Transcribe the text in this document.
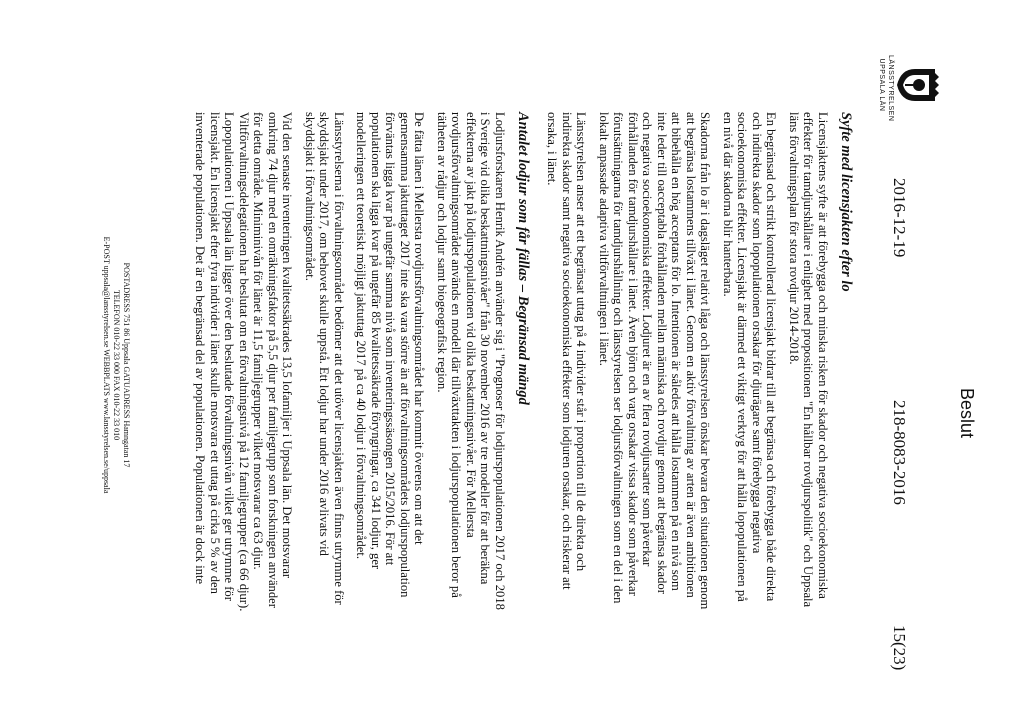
LÄNSSTYRELSEN
UPPSALA LÄN
Beslut
2016-12-19
218-8083-2016
15(23)
Syfte med licensjakten efter lo

Licensjaktens syfte är att förebygga och minska risken för skador och negativa socioekonomiska effekter för tamdjurshållare i enlighet med propositionen "En hållbar rovdjurspolitik" och Uppsala läns förvaltningsplan för stora rovdjur 2014-2018.

En begränsad och strikt kontrollerad licensjakt bidrar till att begränsa och förebygga både direkta och indirekta skador som lopopulationen orsakar för djurägare samt förebygga negativa socioekonomiska effekter. Licensjakt är därmed ett viktigt verktyg för att hålla lopopulationen på en nivå där skadorna blir hanterbara.

Skadorna från lo är i dagsläget relativt låga och länsstyrelsen önskar bevara den situationen genom att begränsa lostammens tillväxt i länet. Genom en aktiv förvaltning av arten är även ambitionen att bibehålla en hög acceptans för lo. Intentionen är således att hålla lostammen på en nivå som inte leder till oacceptabla förhållanden mellan människa och rovdjur genom att begränsa skador och negativa socioekonomiska effekter. Lodjuret är en av flera rovdjursarter som påverkar förhållanden för tamdjurshållare i länet. Även björn och varg orsakar vissa skador som påverkar förutsättningarna för tamdjurshållning och länsstyrelsen ser lodjursförvaltningen som en del i den lokalt anpassade adaptiva viltförvaltningen i länet.

Länsstyrelsen anser att ett begränsat uttag på 4 individer står i proportion till de direkta och indirekta skador samt negativa socioekonomiska effekter som lodjuren orsakar, och riskerar att orsaka, i länet.

Antalet lodjur som får fällas – Begränsad mängd

Lodjursforskaren Henrik Andrén använder sig i "Prognoser för lodjurspopulationen 2017 och 2018 i Sverige vid olika beskattningsnivåer" från 30 november 2016 av tre modeller för att beräkna effekterna av jakt på lodjurspopulationen vid olika beskattningsnivåer. För Mellersta rovdjursförvaltningsområdet används en modell där tillväxttakten i lodjurspopulationen beror på tätheten av rådjur och lodjur samt biogeografisk region.

De fätta länen i Mellersta rovdjursförvaltningsområdet har kommit överens om att det gemensamma jaktuttaget 2017 inte ska vara större än att förvaltningsområdets lodjurspopulation förväntas ligga kvar på ungefär samma nivå som inventeringssäsongen 2015/2016. För att populationen ska ligga kvar på ungefär 85 kvalitetssäkrade föryngringar, ca 341 lodjur, ger modelleringen ett teoretiskt möjligt jaktuttag 2017 på ca 40 lodjur i förvaltningsområdet.

Länsstyrelserna i förvaltningsområdet bedömer att det utöver licensjakten även finns utrymme för skyddsjakt under 2017, om behovet skulle uppstå. Ett lodjur har under 2016 avlivats vid skyddsjakt i förvaltningsområdet.

Vid den senaste inventeringen kvalitetssäkrades 13,5 lofamiljer i Uppsala län. Det motsvarar omkring 74 djur med en omräkningsfaktor på 5,5 djur per familjegrupp som forskningen använder för detta område. Miniminivån för länet är 11,5 familjegrupper vilket motsvarar ca 63 djur. Viltförvaltningsdelegationen har beslutat om en förvaltningsnivå på 12 familjegrupper (ca 66 djur). Lopopulationen i Uppsala län ligger över den beslutade förvaltningsnivån vilket ger utrymme för licensjakt. En licensjakt efter fyra individer i länet skulle motsvara ett uttag på cirka 5 % av den inventerade populationen. Det är en begränsad del av populationen. Populationen är dock inte

POSTADRESS 751 86 Uppsala GATUADRESS Hamngatan 17
TELEFON 010-22 33 000 FAX 010-22 33 010
E-POST uppsala@lansstyrelsen.se WEBBPLATS www.lansstyrelsen.se/uppsala
